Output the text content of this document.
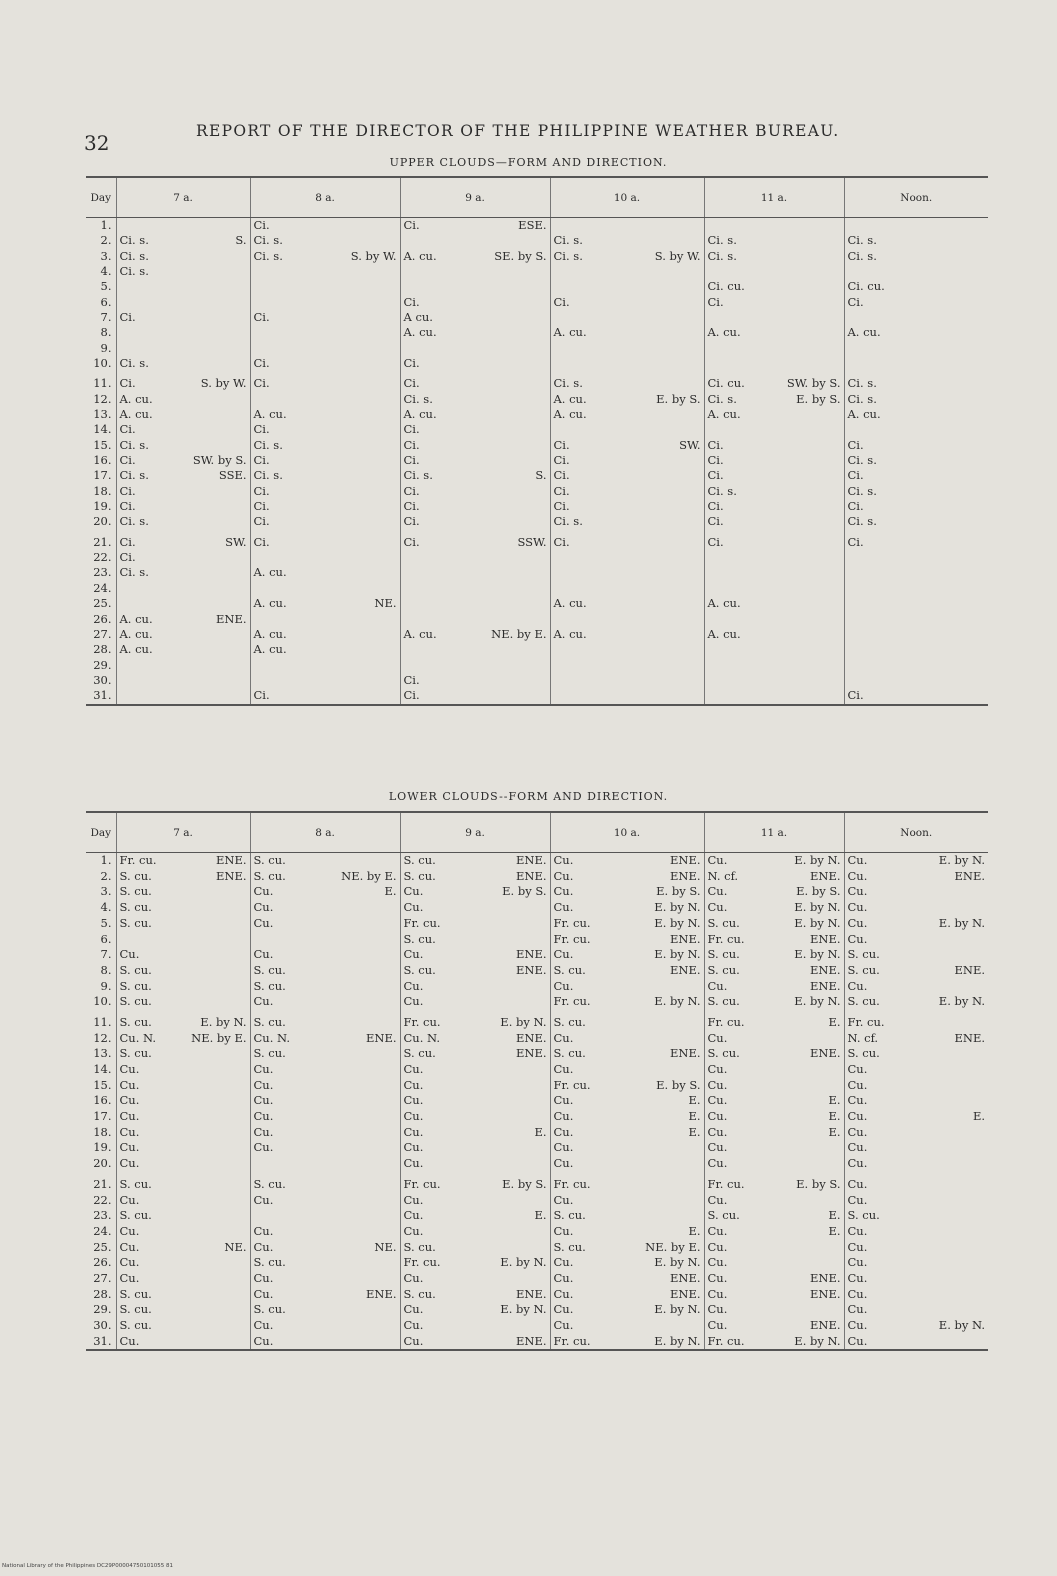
32	REPORT OF THE DIRECTOR OF THE PHILIPPINE WEATHER BUREAU.
UPPER CLOUDS—FORM AND DIRECTION.
Day	7 a.	8 a.	9 a.	10 a.	11 a.	Noon.
1.		Ci.	Ci. ESE.			

2.	Ci. s. S.	Ci. s.		Ci. s.	Ci. s.	Ci. s.

3.	Ci. s.	Ci. s. S. by W.	A. cu. SE. by S.	Ci. s. S. by W.	Ci. s.	Ci. s.

4.	Ci. s.					

5.					Ci. cu.	Ci. cu.

6.			Ci.	Ci.	Ci.	Ci.

7.	Ci.	Ci.	A cu.			

8.			A. cu.	A. cu.	A. cu.	A. cu.

9.	

10.	Ci. s.	Ci.	Ci.			

11.	Ci. S. by W.	Ci.	Ci.	Ci. s.	Ci. cu. SW. by S.	Ci. s.

12.	A. cu.		Ci. s.	A. cu. E. by S.	Ci. s. E. by S.	Ci. s.

13.	A. cu.	A. cu.	A. cu.	A. cu.	A. cu.	A. cu.

14.	Ci.	Ci.	Ci.			

15.	Ci. s.	Ci. s.	Ci.	Ci. SW.	Ci.	Ci.

16.	Ci. SW. by S.	Ci.	Ci.	Ci.	Ci.	Ci. s.

17.	Ci. s. SSE.	Ci. s.	Ci. s. S.	Ci.	Ci.	Ci.

18.	Ci.	Ci.	Ci.	Ci.	Ci. s.	Ci. s.

19.	Ci.	Ci.	Ci.	Ci.	Ci.	Ci.

20.	Ci. s.	Ci.	Ci.	Ci. s.	Ci.	Ci. s.

21.	Ci. SW.	Ci.	Ci. SSW.	Ci.	Ci.	Ci.

22.	Ci.					

23.	Ci. s.	A. cu.				

24.	

25.		A. cu. NE.		A. cu.	A. cu.	

26.	A. cu. ENE.					

27.	A. cu.	A. cu.	A. cu. NE. by E.	A. cu.	A. cu.	

28.	A. cu.	A. cu.				

29.	

30.			Ci.			

31.		Ci.	Ci.			Ci.
LOWER CLOUDS--FORM AND DIRECTION.
Day	7 a.	8 a.	9 a.	10 a.	11 a.	Noon.
1.	Fr. cu. ENE.	S. cu.	S. cu. ENE.	Cu. ENE.	Cu. E. by N.	Cu. E. by N.

2.	S. cu. ENE.	S. cu. NE. by E.	S. cu. ENE.	Cu. ENE.	N. cf. ENE.	Cu. ENE.

3.	S. cu.	Cu. E.	Cu. E. by S.	Cu. E. by S.	Cu. E. by S.	Cu.

4.	S. cu.	Cu.	Cu.	Cu. E. by N.	Cu. E. by N.	Cu.

5.	S. cu.	Cu.	Fr. cu.	Fr. cu. E. by N.	S. cu. E. by N.	Cu. E. by N.

6.			S. cu.	Fr. cu. ENE.	Fr. cu. ENE.	Cu.

7.	Cu.	Cu.	Cu. ENE.	Cu. E. by N.	S. cu. E. by N.	S. cu.

8.	S. cu.	S. cu.	S. cu. ENE.	S. cu. ENE.	S. cu. ENE.	S. cu. ENE.

9.	S. cu.	S. cu.	Cu.	Cu.	Cu. ENE.	Cu.

10.	S. cu.	Cu.	Cu.	Fr. cu. E. by N.	S. cu. E. by N.	S. cu. E. by N.

11.	S. cu. E. by N.	S. cu.	Fr. cu. E. by N.	S. cu.	Fr. cu. E.	Fr. cu.

12.	Cu. N. NE. by E.	Cu. N. ENE.	Cu. N. ENE.	Cu.	Cu.	N. cf. ENE.

13.	S. cu.	S. cu.	S. cu. ENE.	S. cu. ENE.	S. cu. ENE.	S. cu.

14.	Cu.	Cu.	Cu.	Cu.	Cu.	Cu.

15.	Cu.	Cu.	Cu.	Fr. cu. E. by S.	Cu.	Cu.

16.	Cu.	Cu.	Cu.	Cu. E.	Cu. E.	Cu.

17.	Cu.	Cu.	Cu.	Cu. E.	Cu. E.	Cu. E.

18.	Cu.	Cu.	Cu. E.	Cu. E.	Cu. E.	Cu.

19.	Cu.	Cu.	Cu.	Cu.	Cu.	Cu.

20.	Cu.		Cu.	Cu.	Cu.	Cu.

21.	S. cu.	S. cu.	Fr. cu. E. by S.	Fr. cu.	Fr. cu. E. by S.	Cu.

22.	Cu.	Cu.	Cu.	Cu.	Cu.	Cu.

23.	S. cu.		Cu. E.	S. cu.	S. cu. E.	S. cu.

24.	Cu.	Cu.	Cu.	Cu. E.	Cu. E.	Cu.

25.	Cu. NE.	Cu. NE.	S. cu.	S. cu. NE. by E.	Cu.	Cu.

26.	Cu.	S. cu.	Fr. cu. E. by N.	Cu. E. by N.	Cu.	Cu.

27.	Cu.	Cu.	Cu.	Cu. ENE.	Cu. ENE.	Cu.

28.	S. cu.	Cu. ENE.	S. cu. ENE.	Cu. ENE.	Cu. ENE.	Cu.

29.	S. cu.	S. cu.	Cu. E. by N.	Cu. E. by N.	Cu.	Cu.

30.	S. cu.	Cu.	Cu.	Cu.	Cu. ENE.	Cu. E. by N.

31.	Cu.	Cu.	Cu. ENE.	Fr. cu. E. by N.	Fr. cu. E. by N.	Cu.
National Library of the Philippines DC29P00004750101055 81
